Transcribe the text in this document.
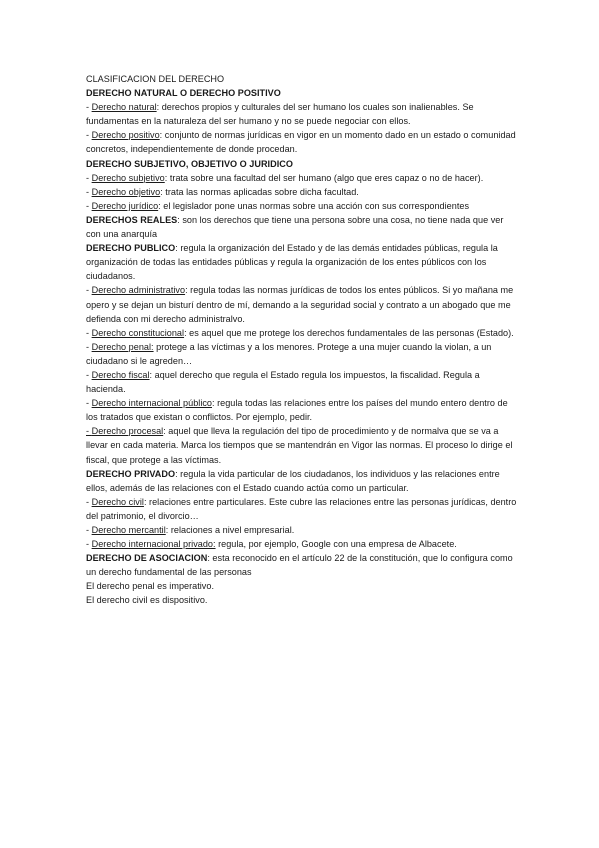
CLASIFICACION DEL DERECHO

DERECHO NATURAL O DERECHO POSITIVO

- Derecho natural: derechos propios y culturales del ser humano los cuales son inalienables. Se fundamentas en la naturaleza del ser humano y no se puede negociar con ellos.

- Derecho positivo: conjunto de normas jurídicas en vigor en un momento dado en un estado o comunidad concretos, independientemente de donde procedan.

DERECHO SUBJETIVO, OBJETIVO O JURIDICO

- Derecho subjetivo: trata sobre una facultad del ser humano (algo que eres capaz o no de hacer).

- Derecho objetivo: trata las normas aplicadas sobre dicha facultad.

- Derecho jurídico: el legislador pone unas normas sobre una acción con sus correspondientes

DERECHOS REALES: son los derechos que tiene una persona sobre una cosa, no tiene nada que ver con una anarquía

DERECHO PUBLICO: regula la organización del Estado y de las demás entidades públicas, regula la organización de todas las entidades públicas y regula la organización de los entes públicos con los ciudadanos.

- Derecho administrativo: regula todas las normas jurídicas de todos los entes públicos. Si yo mañana me opero y se dejan un bisturí dentro de mí, demando a la seguridad social y contrato a un abogado que me defienda con mi derecho administralvo.

- Derecho constitucional: es aquel que me protege los derechos fundamentales de las personas (Estado).

- Derecho penal: protege a las víctimas y a los menores. Protege a una mujer cuando la violan, a un ciudadano si le agreden…

- Derecho fiscal: aquel derecho que regula el Estado regula los impuestos, la fiscalidad. Regula a hacienda.

- Derecho internacional público: regula todas las relaciones entre los países del mundo entero dentro de los tratados que existan o conflictos. Por ejemplo, pedir.

- Derecho procesal: aquel que lleva la regulación del tipo de procedimiento y de normalva que se va a llevar en cada materia. Marca los tiempos que se mantendrán en Vigor las normas. El proceso lo dirige el fiscal, que protege a las víctimas.

DERECHO PRIVADO: regula la vida particular de los ciudadanos, los individuos y las relaciones entre ellos, además de las relaciones con el Estado cuando actúa como un particular.

- Derecho civil: relaciones entre particulares. Este cubre las relaciones entre las personas jurídicas, dentro del patrimonio, el divorcio…

- Derecho mercantil: relaciones a nivel empresarial.

- Derecho internacional privado: regula, por ejemplo, Google con una empresa de Albacete.

DERECHO DE ASOCIACION: esta reconocido en el artículo 22 de la constitución, que lo configura como un derecho fundamental de las personas

El derecho penal es imperativo.

El derecho civil es dispositivo.
